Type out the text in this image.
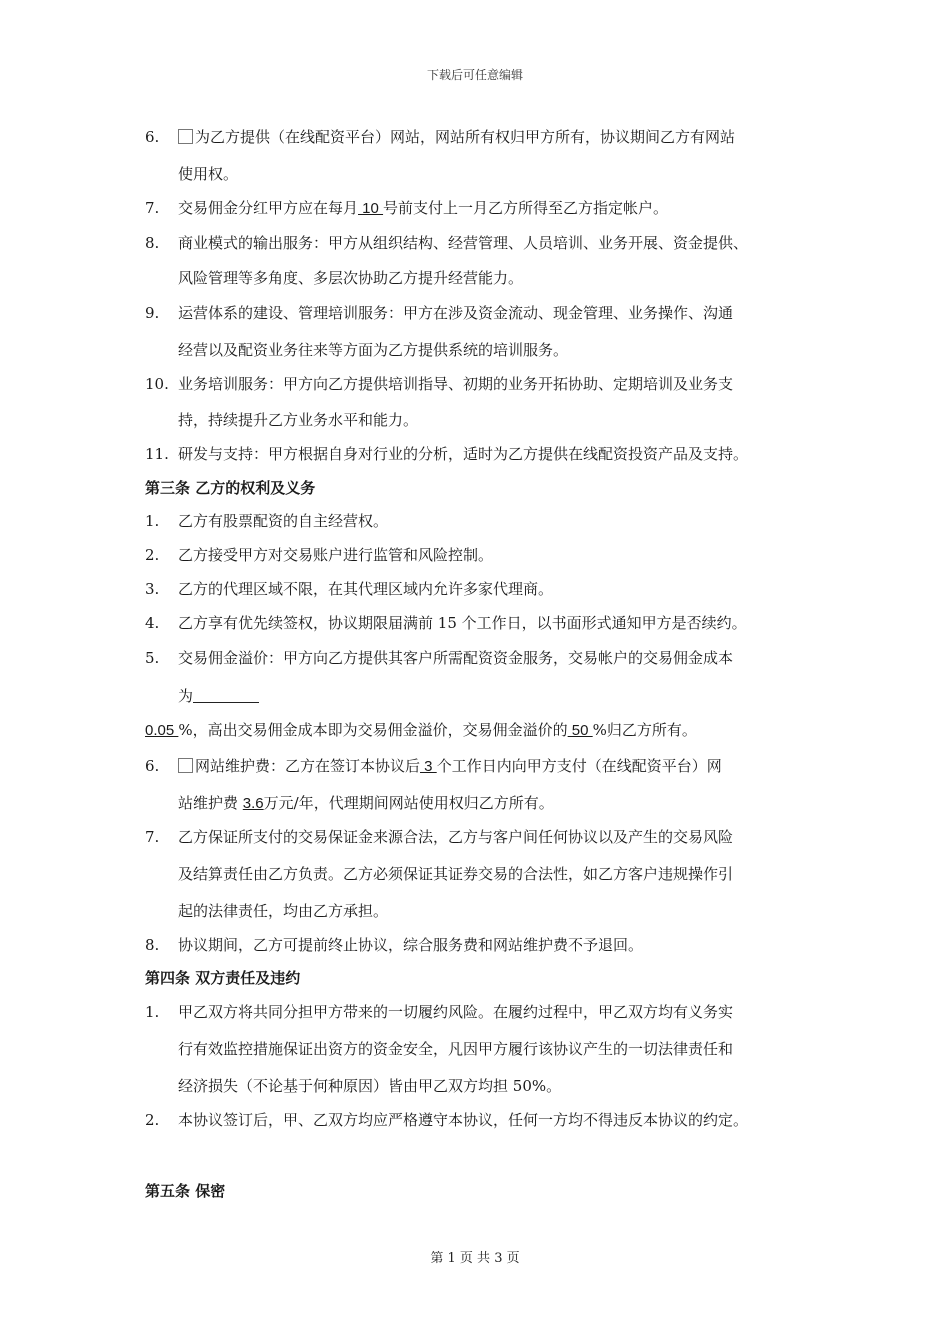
下载后可任意编辑
6.	为乙方提供（在线配资平台）网站，网站所有权归甲方所有，协议期间乙方有网站
使用权。
7. 交易佣金分红甲方应在每月 10 号前支付上一月乙方所得至乙方指定帐户。
8. 商业模式的输出服务：甲方从组织结构、经营管理、人员培训、业务开展、资金提供、
风险管理等多角度、多层次协助乙方提升经营能力。
9. 运营体系的建设、管理培训服务：甲方在涉及资金流动、现金管理、业务操作、沟通
经营以及配资业务往来等方面为乙方提供系统的培训服务。
10. 业务培训服务：甲方向乙方提供培训指导、初期的业务开拓协助、定期培训及业务支
持，持续提升乙方业务水平和能力。
11. 研发与支持：甲方根据自身对行业的分析，适时为乙方提供在线配资投资产品及支持。
第三条 乙方的权利及义务
1. 乙方有股票配资的自主经营权。
2. 乙方接受甲方对交易账户进行监管和风险控制。
3. 乙方的代理区域不限，在其代理区域内允许多家代理商。
4. 乙方享有优先续签权，协议期限届满前 15 个工作日，以书面形式通知甲方是否续约。
5. 交易佣金溢价：甲方向乙方提供其客户所需配资资金服务，交易帐户的交易佣金成本
为
0.05 %，高出交易佣金成本即为交易佣金溢价，交易佣金溢价的 50 %归乙方所有。
6.	网站维护费：乙方在签订本协议后 3 个工作日内向甲方支付（在线配资平台）网
站维护费 3.6万元/年，代理期间网站使用权归乙方所有。
7. 乙方保证所支付的交易保证金来源合法，乙方与客户间任何协议以及产生的交易风险
及结算责任由乙方负责。乙方必须保证其证券交易的合法性，如乙方客户违规操作引
起的法律责任，均由乙方承担。
8. 协议期间，乙方可提前终止协议，综合服务费和网站维护费不予退回。
第四条 双方责任及违约
1. 甲乙双方将共同分担甲方带来的一切履约风险。在履约过程中，甲乙双方均有义务实
行有效监控措施保证出资方的资金安全，凡因甲方履行该协议产生的一切法律责任和
经济损失（不论基于何种原因）皆由甲乙双方均担 50%。
2. 本协议签订后，甲、乙双方均应严格遵守本协议，任何一方均不得违反本协议的约定。
第五条 保密
第 1 页 共 3 页
